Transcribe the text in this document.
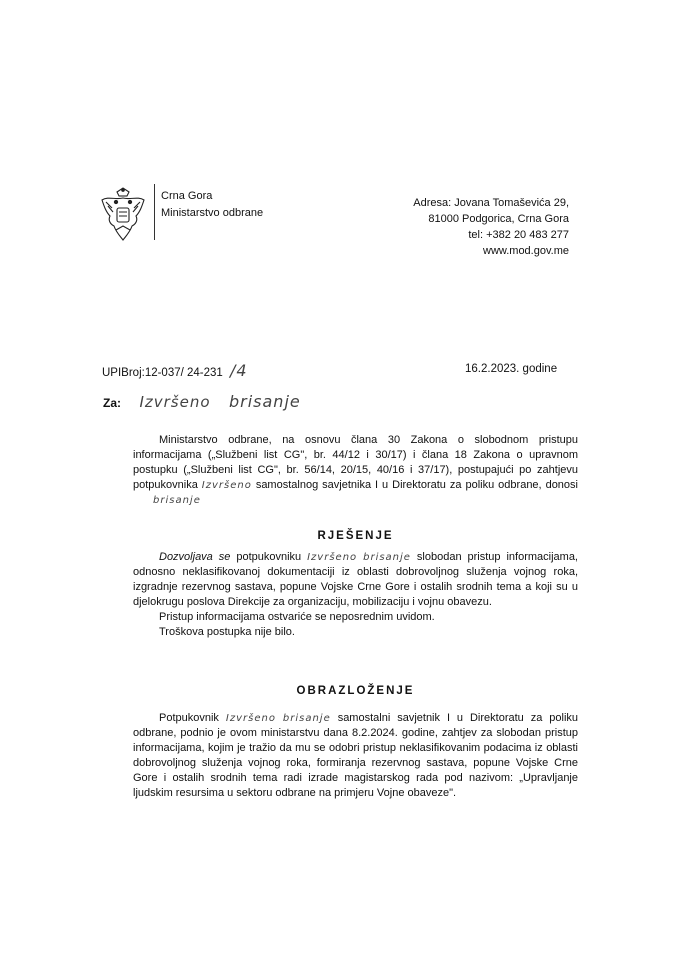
Crna Gora
Ministarstvo odbrane
Adresa: Jovana Tomaševića 29,
81000 Podgorica, Crna Gora
tel: +382 20 483 277
www.mod.gov.me
UPIBroj:12-037/ 24-231 /4	16.2.2023. godine
Za: Izvršeno brisanje

Ministarstvo odbrane, na osnovu člana 30 Zakona o slobodnom pristupu informacijama („Službeni list CG", br. 44/12 i 30/17) i člana 18 Zakona o upravnom postupku („Službeni list CG", br. 56/14, 20/15, 40/16 i 37/17), postupajući po zahtjevu potpukovnika Izvršeno samostalnog savjetnika I u Direktoratu za poliku odbrane, donosi brisanje

RJEŠENJE

Dozvoljava se potpukovniku Izvršeno brisanje slobodan pristup informacijama, odnosno neklasifikovanoj dokumentaciji iz oblasti dobrovoljnog služenja vojnog roka, izgradnje rezervnog sastava, popune Vojske Crne Gore i ostalih srodnih tema a koji su u djelokrugu poslova Direkcije za organizaciju, mobilizaciju i vojnu obavezu.

Pristup informacijama ostvariće se neposrednim uvidom.

Troškova postupka nije bilo.

OBRAZLOŽENJE

Potpukovnik Izvršeno brisanje samostalni savjetnik I u Direktoratu za poliku odbrane, podnio je ovom ministarstvu dana 8.2.2024. godine, zahtjev za slobodan pristup informacijama, kojim je tražio da mu se odobri pristup neklasifikovanim podacima iz oblasti dobrovoljnog služenja vojnog roka, formiranja rezervnog sastava, popune Vojske Crne Gore i ostalih srodnih tema radi izrade magistarskog rada pod nazivom: „Upravljanje ljudskim resursima u sektoru odbrane na primjeru Vojne obaveze".
